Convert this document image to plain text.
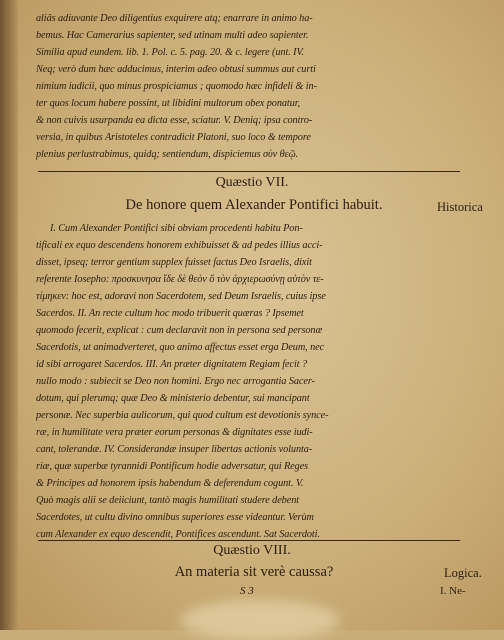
aliâs adiuvante Deo diligentius exquirere atq; enarrare in animo ha-
bemus. Hac Camerarius sapienter, sed utinam multi adeo sapienter.
Similia apud eundem. lib. 1. Pol. c. 5. pag. 20. & c. legere (unt. IV.
Neq; verò dum hæc adducimus, interim adeo obtusi summus aut curti
nimium iudicii, quo minus prospiciamus ; quomodo hæc infideli & in-
ter quos locum habere possint, ut libidini multorum obex ponatur,
& non cuivis usurpanda ea dicta esse, sciatur. V. Deniq; ipsa contro-
versia, in quibus Aristoteles contradicit Platoni, suo loco & tempore
plenius perlustrabimus, quidq; sentiendum, dispiciemus σὺν θεῷ.
Quæstio VII.
De honore quem Alexander Pontifici habuit.	Historica
I. Cum Alexander Pontifici sibi obviam procedenti habitu Pon-
tificali ex equo descendens honorem exhibuisset & ad pedes illius acci-
disset, ipseq; terror gentium supplex fuisset factus Deo Israelis, dixit
referente Iosepho: προσκυνησα ἴδε δὲ θεὸν ὅ τὸν ἀρχιερωσύνῃ αὐτὸν τε-
τίμηκεν: hoc est, adoravi non Sacerdotem, sed Deum Israelis, cuius ipse
Sacerdos. II. An recte cultum hoc modo tribuerit quæras ? Ipsemet
quomodo fecerit, explicat : cum declaravit non in persona sed personæ
Sacerdotis, ut animadverteret, quo animo affectus esset erga Deum, nec
id sibi arrogaret Sacerdos. III. An præter dignitatem Regiam fecit ?
nullo modo : subiecit se Deo non homini. Ergo nec arrogantia Sacer-
dotum, qui plerumq; quæ Deo & ministerio debentur, sui mancipant
personæ. Nec superbia aulicorum, qui quod cultum est devotionis synce-
ræ, in humilitate vera præter eorum personas & dignitates esse iudi-
cant, tolerandæ. IV. Considerandæ insuper libertas actionis volunta-
riæ, quæ superbæ tyrannidi Pontificum hodie adversatur, qui Reges
& Principes ad honorem ipsis habendum & deferendum cogunt. V.
Quò magis alii se deiiciunt, tantò magis humilitati studere debent
Sacerdotes, ut cultu divino omnibus superiores esse videantur. Verùm
cum Alexander ex equo descendit, Pontifices ascendunt. Sat Sacerdoti.
Quæstio VIII.
An materia sit verè caussa?	Logica.
S 3	I. Ne-
